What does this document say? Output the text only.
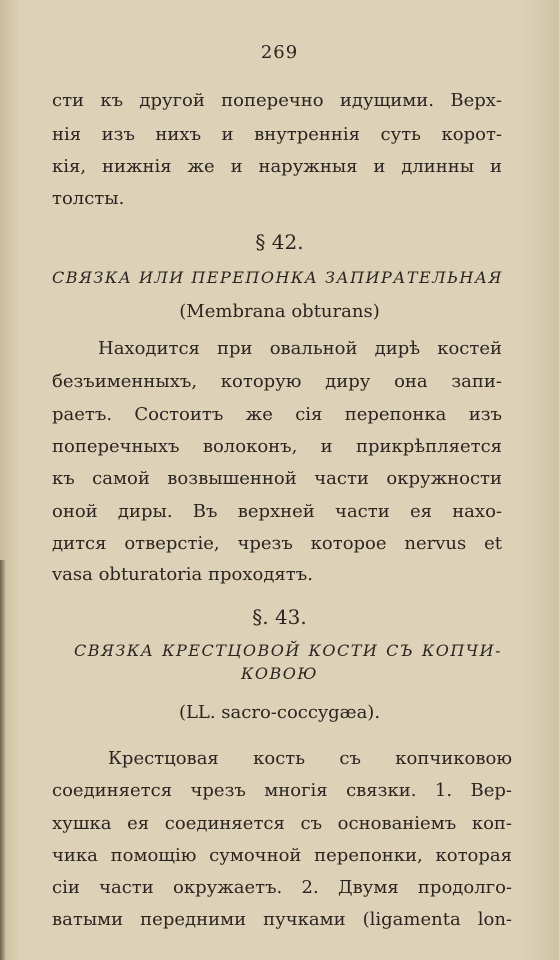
269
сти къ другой поперечно идущими. Верх-
нія изъ нихъ и внутреннія суть корот-
кія, нижнія же и наружныя и длинны и
толсты.
§ 42.
СВЯЗКА ИЛИ ПЕРЕПОНКА ЗАПИРАТЕЛЬНАЯ
(Membrana obturans)
Находится при овальной дирѣ костей
безъименныхъ, которую диру она запи-
раетъ. Состоитъ же сія перепонка изъ
поперечныхъ волоконъ, и прикрѣпляется
къ самой возвышенной части окружности
оной диры. Въ верхней части ея нахо-
дится отверстіе, чрезъ которое nervus et
vasa obturatoria проходятъ.
§. 43.
СВЯЗКА КРЕСТЦОВОЙ КОСТИ СЪ КОПЧИ-
КОВОЮ
(LL. sacro-coccygæa).
Крестцовая кость съ копчиковою
соединяется чрезъ многія связки. 1. Вер-
хушка ея соединяется съ основаніемъ коп-
чика помощію сумочной перепонки, которая
сіи части окружаетъ. 2. Двумя продолго-
ватыми передними пучками (ligamenta lon-
